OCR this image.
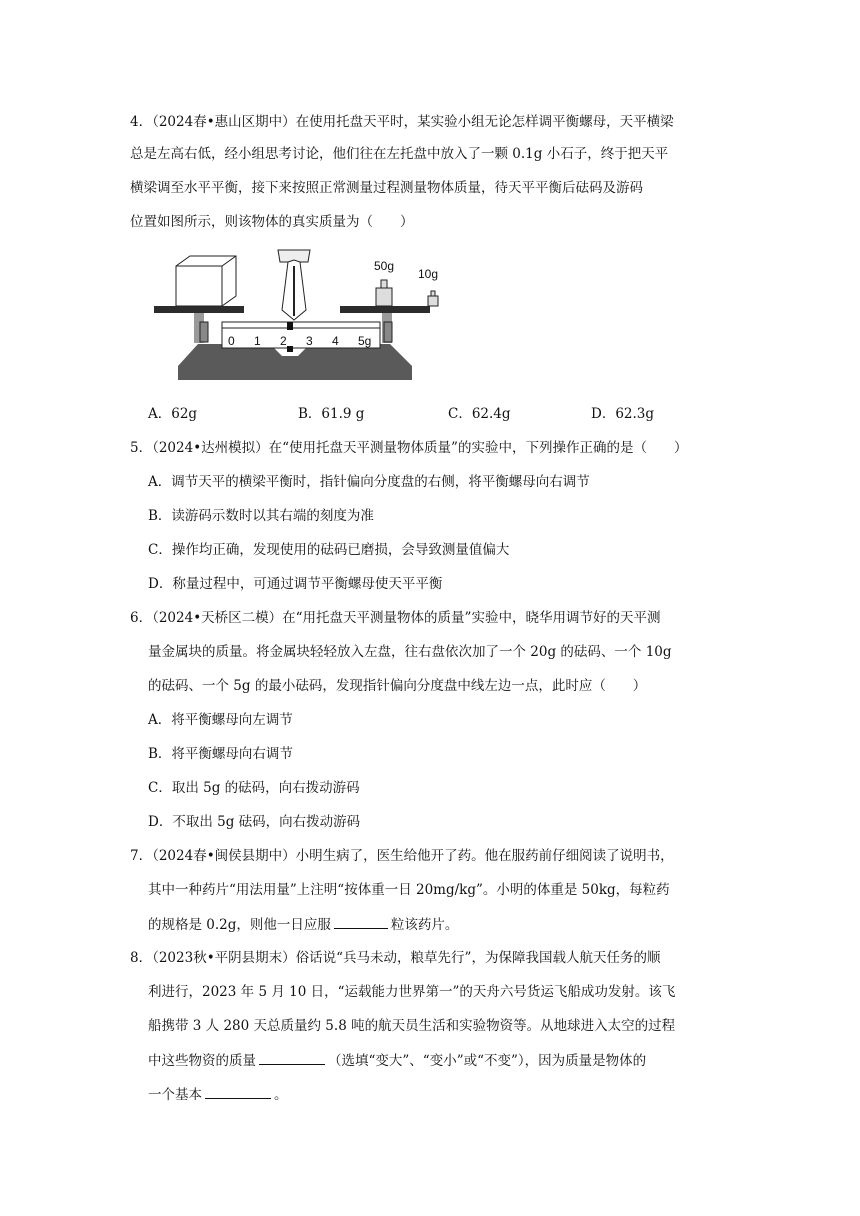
4．（2024春•惠山区期中）在使用托盘天平时，某实验小组无论怎样调平衡螺母，天平横梁
总是左高右低，经小组思考讨论，他们往在左托盘中放入了一颗 0.1g 小石子，终于把天平
横梁调至水平平衡，接下来按照正常测量过程测量物体质量，待天平平衡后砝码及游码
位置如图所示，则该物体的真实质量为（　　）
50g
10g
0 1 2 3 4 5g
A．62g	B．61.9 g	C．62.4g	D．62.3g
5．（2024•达州模拟）在“使用托盘天平测量物体质量”的实验中，下列操作正确的是（　　）
A．调节天平的横梁平衡时，指针偏向分度盘的右侧，将平衡螺母向右调节
B．读游码示数时以其右端的刻度为准
C．操作均正确，发现使用的砝码已磨损，会导致测量值偏大
D．称量过程中，可通过调节平衡螺母使天平平衡
6．（2024•天桥区二模）在“用托盘天平测量物体的质量”实验中，晓华用调节好的天平测
量金属块的质量。将金属块轻轻放入左盘，往右盘依次加了一个 20g 的砝码、一个 10g
的砝码、一个 5g 的最小砝码，发现指针偏向分度盘中线左边一点，此时应（　　）
A．将平衡螺母向左调节
B．将平衡螺母向右调节
C．取出 5g 的砝码，向右拨动游码
D．不取出 5g 砝码，向右拨动游码
7．（2024春•闽侯县期中）小明生病了，医生给他开了药。他在服药前仔细阅读了说明书，
其中一种药片“用法用量”上注明“按体重一日 20mg/kg”。小明的体重是 50kg，每粒药
的规格是 0.2g，则他一日应服	粒该药片。
8．（2023秋•平阴县期末）俗话说“兵马未动，粮草先行”，为保障我国载人航天任务的顺
利进行，2023 年 5 月 10 日，“运载能力世界第一”的天舟六号货运飞船成功发射。该飞
船携带 3 人 280 天总质量约 5.8 吨的航天员生活和实验物资等。从地球进入太空的过程
中这些物资的质量	（选填“变大”、“变小”或“不变”），因为质量是物体的
一个基本	。
